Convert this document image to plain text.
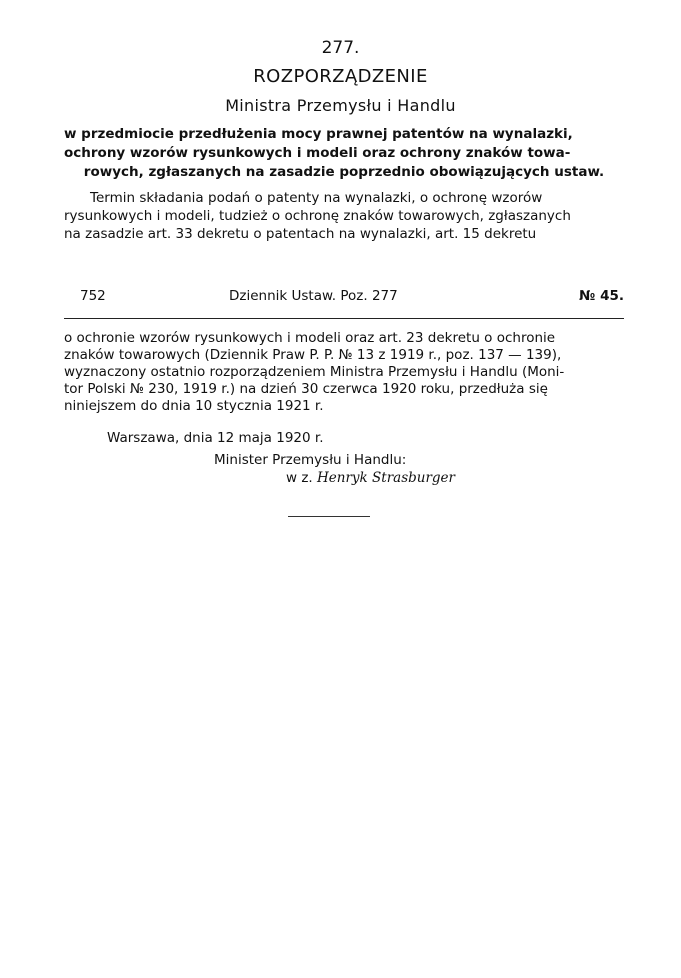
277.
ROZPORZĄDZENIE
Ministra Przemysłu i Handlu
w przedmiocie przedłużenia mocy prawnej patentów na wynalazki,
ochrony wzorów rysunkowych i modeli oraz ochrony znaków towa-
rowych, zgłaszanych na zasadzie poprzednio obowiązujących ustaw.
Termin składania podań o patenty na wynalazki, o ochronę wzorów
rysunkowych i modeli, tudzież o ochronę znaków towarowych, zgłaszanych
na zasadzie art. 33 dekretu o patentach na wynalazki, art. 15 dekretu
752	Dziennik Ustaw. Poz. 277	№ 45.
o ochronie wzorów rysunkowych i modeli oraz art. 23 dekretu o ochronie
znaków towarowych (Dziennik Praw P. P. № 13 z 1919 r., poz. 137 — 139),
wyznaczony ostatnio rozporządzeniem Ministra Przemysłu i Handlu (Moni-
tor Polski № 230, 1919 r.) na dzień 30 czerwca 1920 roku, przedłuża się
niniejszem do dnia 10 stycznia 1921 r.
Warszawa, dnia 12 maja 1920 r.
Minister Przemysłu i Handlu:
w z. Henryk Strasburger
